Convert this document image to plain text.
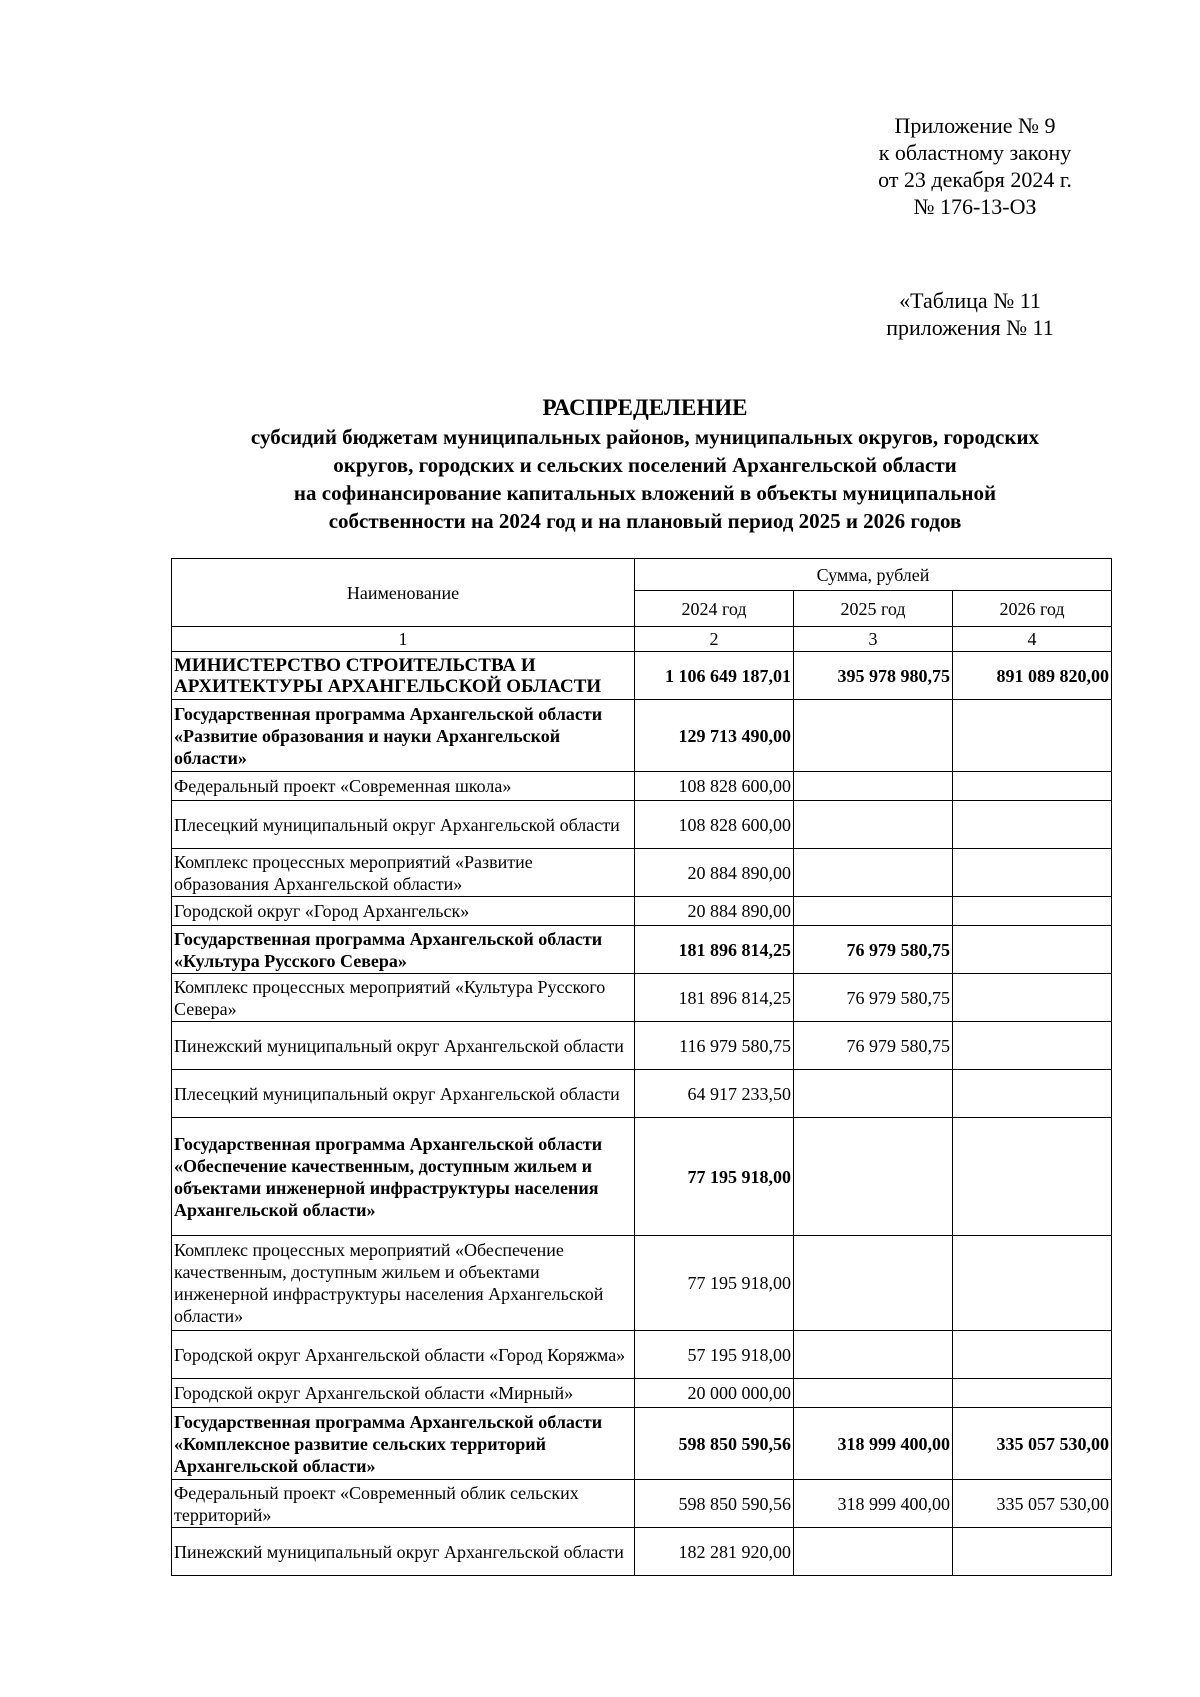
Приложение № 9
к областному закону
от 23 декабря 2024 г.
№ 176-13-ОЗ
«Таблица № 11
приложения № 11
РАСПРЕДЕЛЕНИЕ
субсидий бюджетам муниципальных районов, муниципальных округов, городских
округов, городских и сельских поселений Архангельской области
на софинансирование капитальных вложений в объекты муниципальной
собственности на 2024 год и на плановый период 2025 и 2026 годов
Наименование	Сумма, рублей		
	2024 год	2025 год	2026 год
1	2	3	4
МИНИСТЕРСТВО СТРОИТЕЛЬСТВА И АРХИТЕКТУРЫ АРХАНГЕЛЬСКОЙ ОБЛАСТИ	1 106 649 187,01	395 978 980,75	891 089 820,00
Государственная программа Архангельской области «Развитие образования и науки Архангельской области»	129 713 490,00		
Федеральный проект «Современная школа»	108 828 600,00		
Плесецкий муниципальный округ Архангельской области	108 828 600,00		
Комплекс процессных мероприятий «Развитие образования Архангельской области»	20 884 890,00		
Городской округ «Город Архангельск»	20 884 890,00		
Государственная программа Архангельской области «Культура Русского Севера»	181 896 814,25	76 979 580,75	
Комплекс процессных мероприятий «Культура Русского Севера»	181 896 814,25	76 979 580,75	
Пинежский муниципальный округ Архангельской области	116 979 580,75	76 979 580,75	
Плесецкий муниципальный округ Архангельской области	64 917 233,50		
Государственная программа Архангельской области «Обеспечение качественным, доступным жильем и объектами инженерной инфраструктуры населения Архангельской области»	77 195 918,00		
Комплекс процессных мероприятий «Обеспечение качественным, доступным жильем и объектами инженерной инфраструктуры населения Архангельской области»	77 195 918,00		
Городской округ Архангельской области «Город Коряжма»	57 195 918,00		
Городской округ Архангельской области «Мирный»	20 000 000,00		
Государственная программа Архангельской области «Комплексное развитие сельских территорий Архангельской области»	598 850 590,56	318 999 400,00	335 057 530,00
Федеральный проект «Современный облик сельских территорий»	598 850 590,56	318 999 400,00	335 057 530,00
Пинежский муниципальный округ Архангельской области	182 281 920,00		
